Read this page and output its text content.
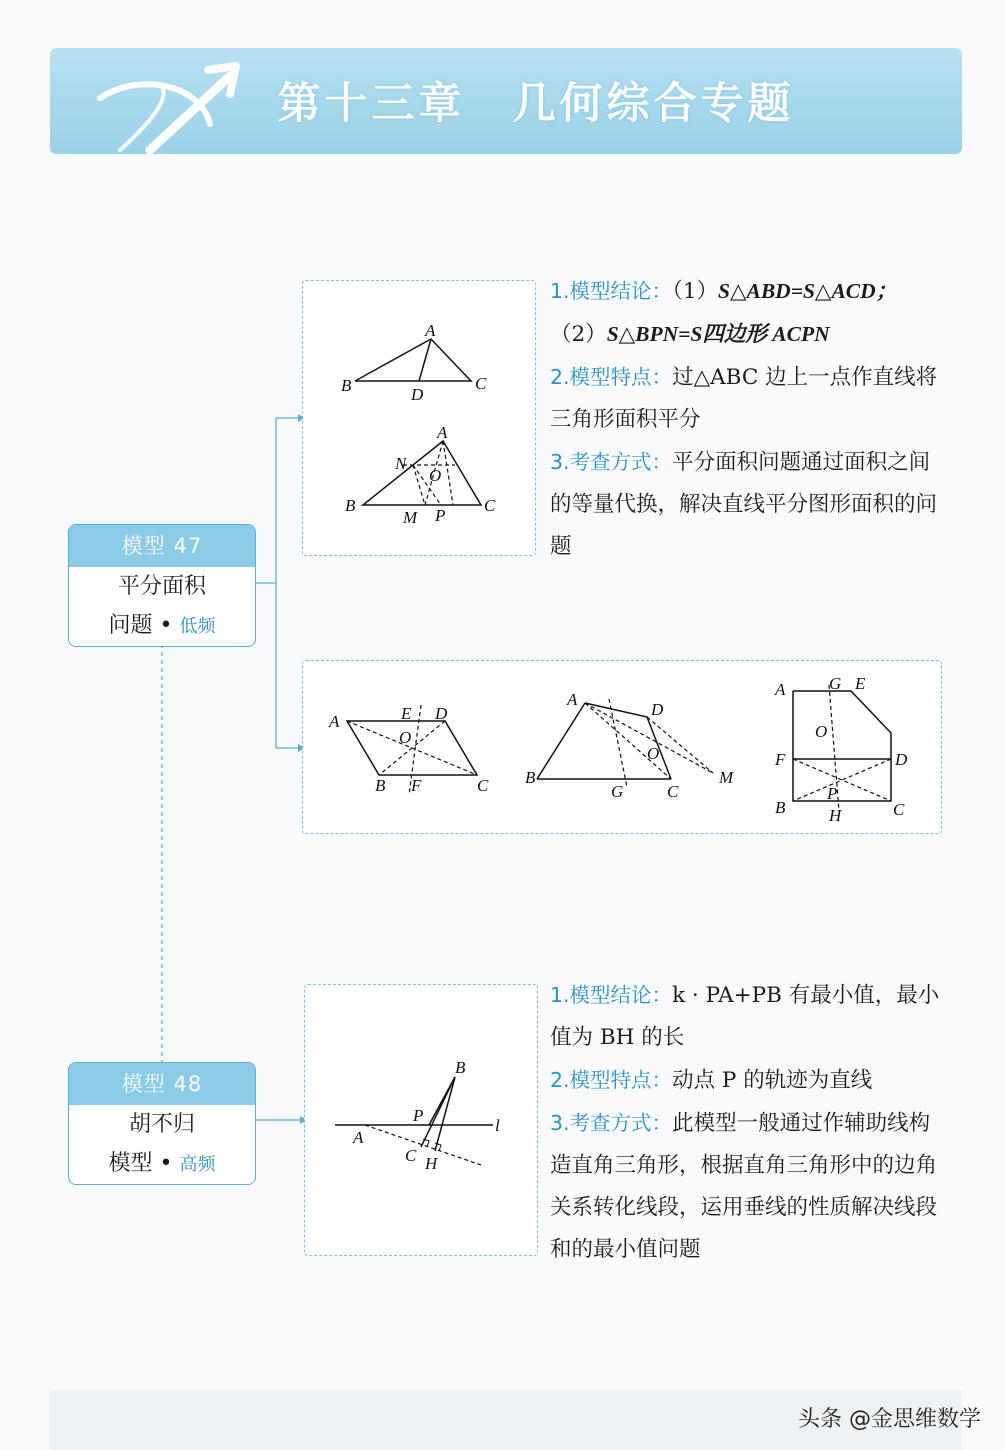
第十三章　几何综合专题
模型 47
平分面积
问题 • 低频
模型 48
胡不归
模型 • 高频
A
B	D
C
A
N
O
B
M P
C

1.模型结论：（1）S△ABD=S△ACD；

（2）S△BPN=S四边形 ACPN

2.模型特点：过△ABC 边上一点作直线将三角形面积平分

3.考查方式：平分面积问题通过面积之间的等量代换，解决直线平分图形面积的问题

A	E D
O
B F	C
A
D
O
B
G	C
M
A	G E
O
F	D
P
B	H	C
B
P
l
A
C H

1.模型结论：k · PA+PB 有最小值，最小值为 BH 的长

2.模型特点：动点 P 的轨迹为直线

3.考查方式：此模型一般通过作辅助线构造直角三角形，根据直角三角形中的边角关系转化线段，运用垂线的性质解决线段和的最小值问题

头条 @金思维数学
